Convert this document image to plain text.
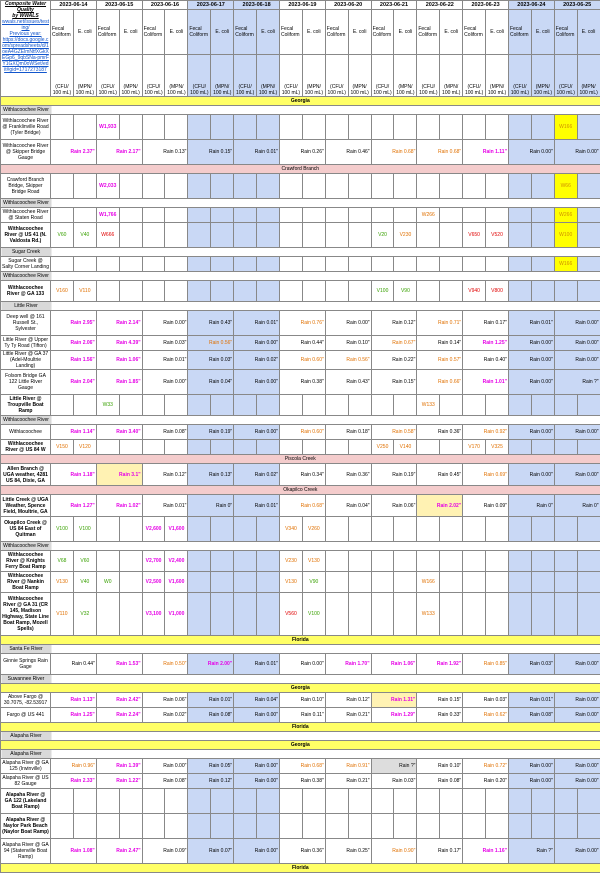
Composite Water Quality
by WWALS
wwals.net/issues/testing/
Previous year:
https://docs.google.com/spreadsheets/d/1oeA4GZElmNtfXGkXEGp6_9qbSNa-pmrFY1GXQm0oWSet/edit#gid=1717273187	2023-06-14		2023-06-15		2023-06-16		2023-06-17		2023-06-18		2023-06-19		2023-06-20		2023-06-21		2023-06-22		2023-06-23		2023-06-24		2023-06-25	
	Fecal Coliform	E. coli	Fecal Coliform	E. coli	Fecal Coliform	E. coli	Fecal Coliform	E. coli	Fecal Coliform	E. coli	Fecal Coliform	E. coli	Fecal Coliform	E. coli	Fecal Coliform	E. coli	Fecal Coliform	E. coli	Fecal Coliform	E. coli	Fecal Coliform	E. coli	Fecal Coliform	E. coli
	(CFU/ 100 mL)	(MPN/ 100 mL)	(CFU/ 100 mL)	(MPN/ 100 mL)	(CFU/ 100 mL)	(MPN/ 100 mL)	(CFU/ 100 mL)	(MPN/ 100 mL)	(CFU/ 100 mL)	(MPN/ 100 mL)	(CFU/ 100 mL)	(MPN/ 100 mL)	(CFU/ 100 mL)	(MPN/ 100 mL)	(CFU/ 100 mL)	(MPN/ 100 mL)	(CFU/ 100 mL)	(MPN/ 100 mL)	(CFU/ 100 mL)	(MPN/ 100 mL)	(CFU/ 100 mL)	(MPN/ 100 mL)	(CFU/ 100 mL)	(MPN/ 100 mL)
Georgia																								
Withlacoochee River																								
Withlacoochee River @ Franklinville Road (Tyler Bridge)			W1,933																				W166	
Withlacoochee River @ Skipper Bridge Gauge	Rain 2.37"		Rain 2.17"		Rain 0.13"		Rain 0.15"		Rain 0.01"		Rain 0.26"		Rain 0.46"		Rain 0.68"		Rain 0.68"		Rain 1.11"		Rain 0.00"		Rain 0.00"	
Crawford Branch																								
Crawford Branch Bridge, Skipper Bridge Road			W2,033																				W66	
Withlacoochee River																								
Withlacoochee River @ Staten Road			W1,766														W266						W266	
Withlacoochee River @ US 41 (N. Valdosta Rd.)	V60	V40	W666												V20	V230			V650	V520			W100	
Sugar Creek																								
Sugar Creek @ Salty Corner Landing																							W166	
Withlacoochee River																								
Withlacoochee River @ GA 133	V160	V110													V100	V90			V940	V800				
Little River																								
Deep well @ 161 Russell St., Sylvester	Rain 2.95"		Rain 2.14"		Rain 0.00"		Rain 0.43"		Rain 0.01"		Rain 0.76"		Rain 0.00"		Rain 0.12"		Rain 0.71"		Rain 0.17"		Rain 0.01"		Rain 0.00"	
Little River @ Upper Ty Ty Road (Tifton)	Rain 2.06"		Rain 4.39"		Rain 0.03"		Rain 0.56"		Rain 0.00"		Rain 0.44"		Rain 0.10"		Rain 0.67"		Rain 0.14"		Rain 1.25"		Rain 0.00"		Rain 0.00"	
Little River @ GA 37 (Adel-Moultrie Landing)	Rain 1.56"		Rain 1.06"		Rain 0.01"		Rain 0.03"		Rain 0.02"		Rain 0.60"		Rain 0.56"		Rain 0.22"		Rain 0.57"		Rain 0.40"		Rain 0.00"		Rain 0.00"	
Folsom Bridge GA 122 Little River Gauge	Rain 2.04"		Rain 1.85"		Rain 0.00"		Rain 0.04"		Rain 0.00"		Rain 0.38"		Rain 0.43"		Rain 0.15"		Rain 0.66"		Rain 1.01"		Rain 0.00"		Rain ?"	
Little River @ Troupville Boat Ramp			W33														W133							
Withlacoochee River																								
Withlacoochee	Rain 1.14"		Rain 3.40"		Rain 0.08"		Rain 0.19"		Rain 0.00"		Rain 0.60"		Rain 0.18"		Rain 0.58"		Rain 0.36"		Rain 0.92"		Rain 0.00"		Rain 0.00"	
Withlacoochee River @ US 84 W	V150	V120													V250	V140			V170	V325				
Piscola Creek																								
Allen Branch @ UGA weather, 4281 US 84, Dixie, GA	Rain 1.18"		Rain 3.1"		Rain 0.12"		Rain 0.13"		Rain 0.02"		Rain 0.34"		Rain 0.36"		Rain 0.19"		Rain 0.45"		Rain 0.69"		Rain 0.00"		Rain 0.00"	
Okapilco Creek																								
Little Creek @ UGA Weather, Spence Field, Moultrie, GA	Rain 1.27"		Rain 1.02"		Rain 0.01"		Rain 0"		Rain 0.01"		Rain 0.68"		Rain 0.04"		Rain 0.06"		Rain 2.02"		Rain 0.09"		Rain 0"		Rain 0"	
Okapilco Creek @ US 84 East of Quitman	V100	V100			V2,600	V1,600					V340	V260												
Withlacoochee River																								
Withlacoochee River @ Knights Ferry Boat Ramp	V68	V60			V2,700	V2,400					V230	V130												
Withlacoochee River @ Nankin Boat Ramp	V130	V40	W0		V2,500	V1,600					V130	V90					W166							
Withlacoochee River @ GA 31 (CR 145, Madison Highway, State Line Boat Ramp, Mozell Spells)	V110	V32			V3,100	V1,000					V560	V100					W133							
Florida																								
Santa Fe River																								
Ginnie Springs Rain Gage	Rain 0.44"		Rain 1.53"		Rain 0.50"		Rain 2.00"		Rain 0.01"		Rain 0.00"		Rain 1.70"		Rain 1.06"		Rain 1.92"		Rain 0.85"		Rain 0.03"		Rain 0.00"	
Suwannee River																								
Georgia																								
Above Fargo @ 30.7075, -82.53917	Rain 1.13"		Rain 2.42"		Rain 0.06"		Rain 0.01"		Rain 0.04"		Rain 0.10"		Rain 0.12"		Rain 1.31"		Rain 0.15"		Rain 0.03"		Rain 0.01"		Rain 0.00"	
Fargo @ US 441	Rain 1.25"		Rain 2.24"		Rain 0.02"		Rain 0.08"		Rain 0.00"		Rain 0.11"		Rain 0.21"		Rain 1.29"		Rain 0.33"		Rain 0.62"		Rain 0.08"		Rain 0.00"	
Florida																								
Alapaha River																								
Georgia																								
Alapaha River																								
Alapaha River @ GA 125 (Irwinville)	Rain 0.96"		Rain 1.39"		Rain 0.00"		Rain 0.05"		Rain 0.00"		Rain 0.68"		Rain 0.91"		Rain ?"		Rain 0.10"		Rain 0.72"		Rain 0.00"		Rain 0.00"	
Alapaha River @ US 82 Gauge	Rain 2.33"		Rain 1.22"		Rain 0.08"		Rain 0.12"		Rain 0.00"		Rain 0.38"		Rain 0.21"		Rain 0.03"		Rain 0.08"		Rain 0.20"		Rain 0.00"		Rain 0.00"	
Alapaha River @ GA 122 (Lakeland Boat Ramp)																								
Alapaha River @ Naylor Park Beach (Naylor Boat Ramp)																								
Alapaha River @ GA 94 (Statenville Boat Ramp)	Rain 1.08"		Rain 2.47"		Rain 0.09"		Rain 0.07"		Rain 0.00"		Rain 0.36"		Rain 0.25"		Rain 0.90"		Rain 0.17"		Rain 1.16"		Rain ?"		Rain 0.00"	
Florida																								
